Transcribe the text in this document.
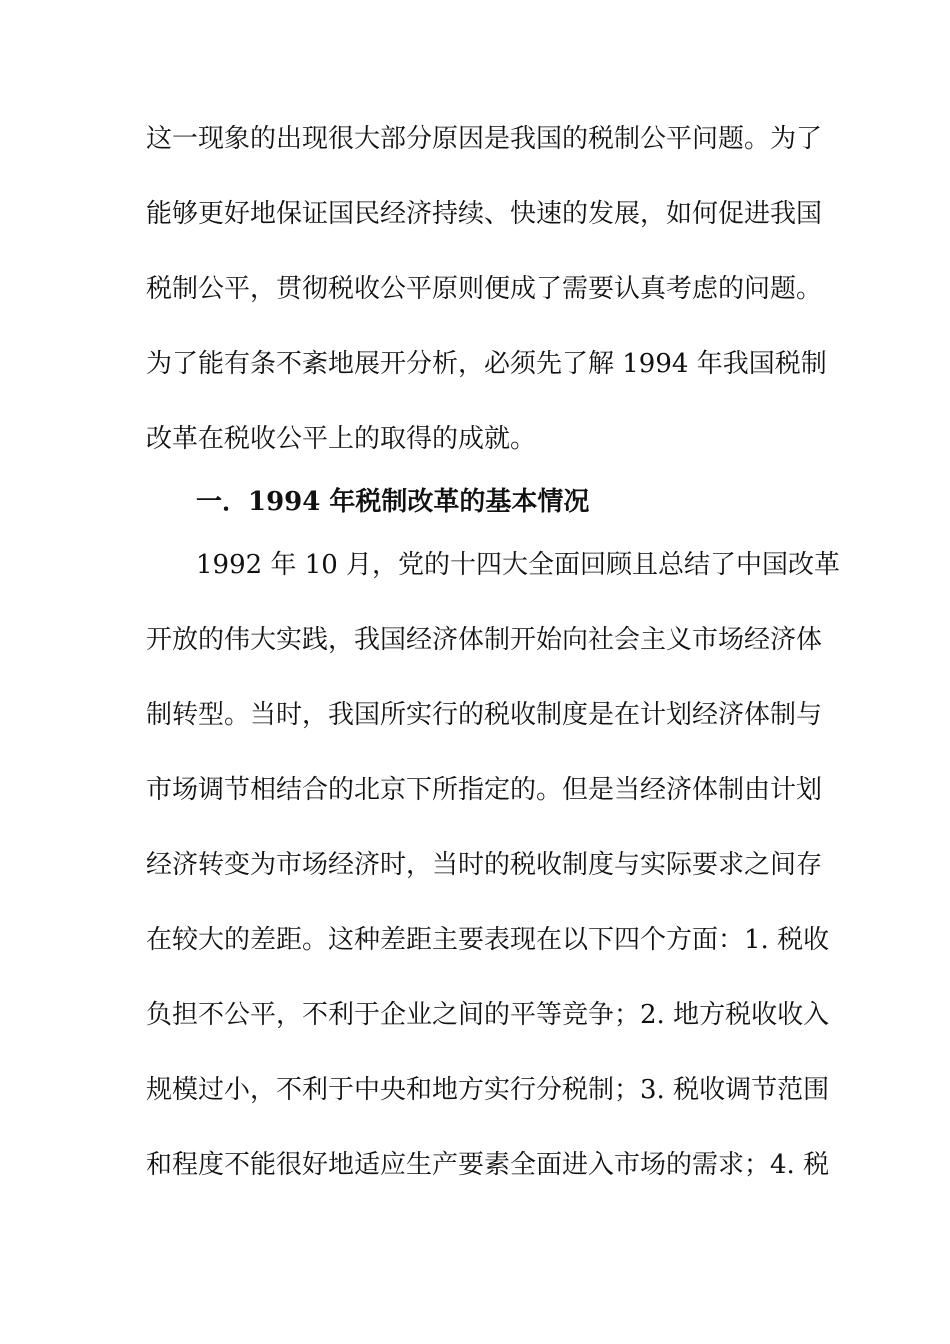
这一现象的出现很大部分原因是我国的税制公平问题。为了
能够更好地保证国民经济持续、快速的发展，如何促进我国
税制公平，贯彻税收公平原则便成了需要认真考虑的问题。
为了能有条不紊地展开分析，必须先了解 1994 年我国税制
改革在税收公平上的取得的成就。
一．1994 年税制改革的基本情况
1992 年 10 月，党的十四大全面回顾且总结了中国改革
开放的伟大实践，我国经济体制开始向社会主义市场经济体
制转型。当时，我国所实行的税收制度是在计划经济体制与
市场调节相结合的北京下所指定的。但是当经济体制由计划
经济转变为市场经济时，当时的税收制度与实际要求之间存
在较大的差距。这种差距主要表现在以下四个方面：1. 税收
负担不公平，不利于企业之间的平等竞争；2. 地方税收收入
规模过小，不利于中央和地方实行分税制；3. 税收调节范围
和程度不能很好地适应生产要素全面进入市场的需求；4. 税
